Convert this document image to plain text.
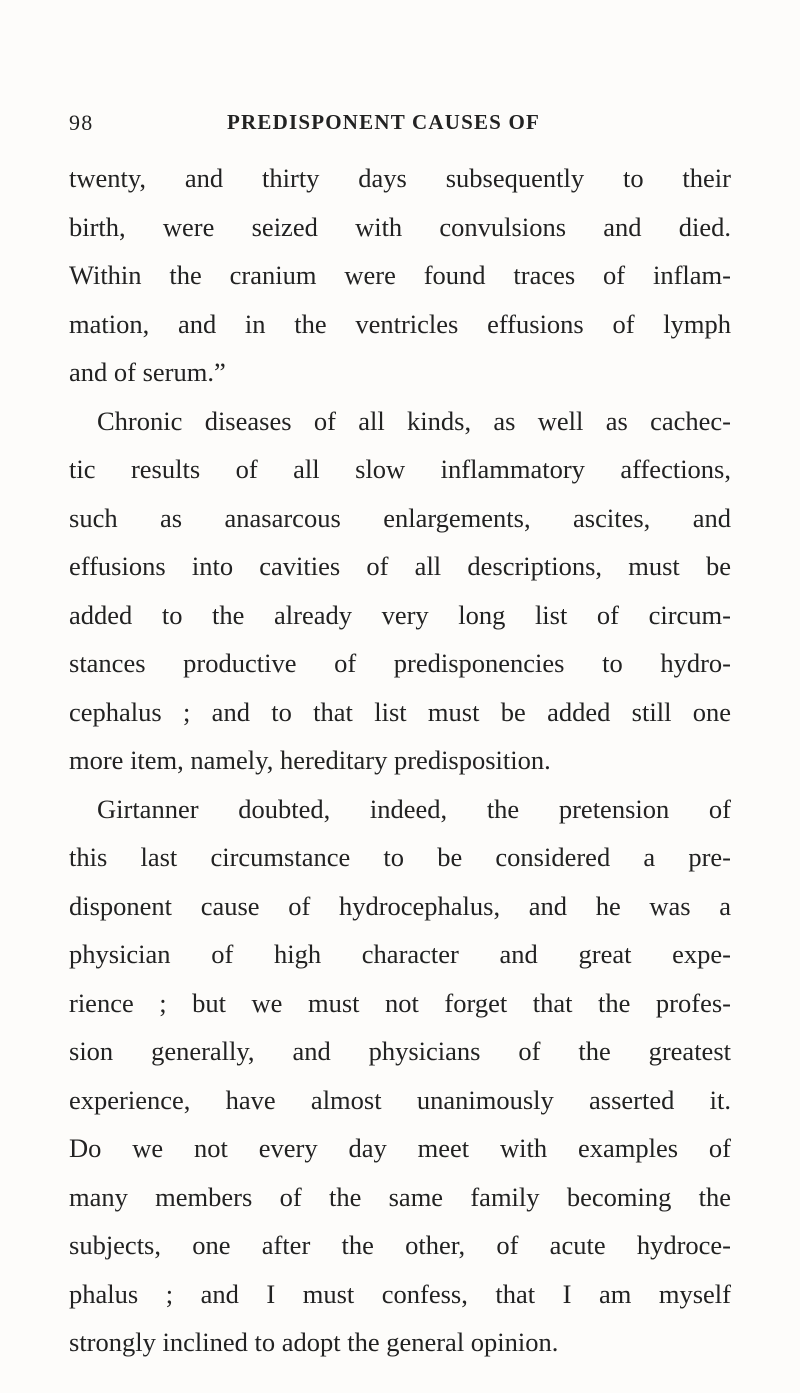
98	PREDISPONENT CAUSES OF
twenty, and thirty days subsequently to their
birth, were seized with convulsions and died.
Within the cranium were found traces of inflam-
mation, and in the ventricles effusions of lymph
and of serum.”
Chronic diseases of all kinds, as well as cachec-
tic results of all slow inflammatory affections,
such as anasarcous enlargements, ascites, and
effusions into cavities of all descriptions, must be
added to the already very long list of circum-
stances productive of predisponencies to hydro-
cephalus ; and to that list must be added still one
more item, namely, hereditary predisposition.
Girtanner doubted, indeed, the pretension of
this last circumstance to be considered a pre-
disponent cause of hydrocephalus, and he was a
physician of high character and great expe-
rience ; but we must not forget that the profes-
sion generally, and physicians of the greatest
experience, have almost unanimously asserted it.
Do we not every day meet with examples of
many members of the same family becoming the
subjects, one after the other, of acute hydroce-
phalus ; and I must confess, that I am myself
strongly inclined to adopt the general opinion.
